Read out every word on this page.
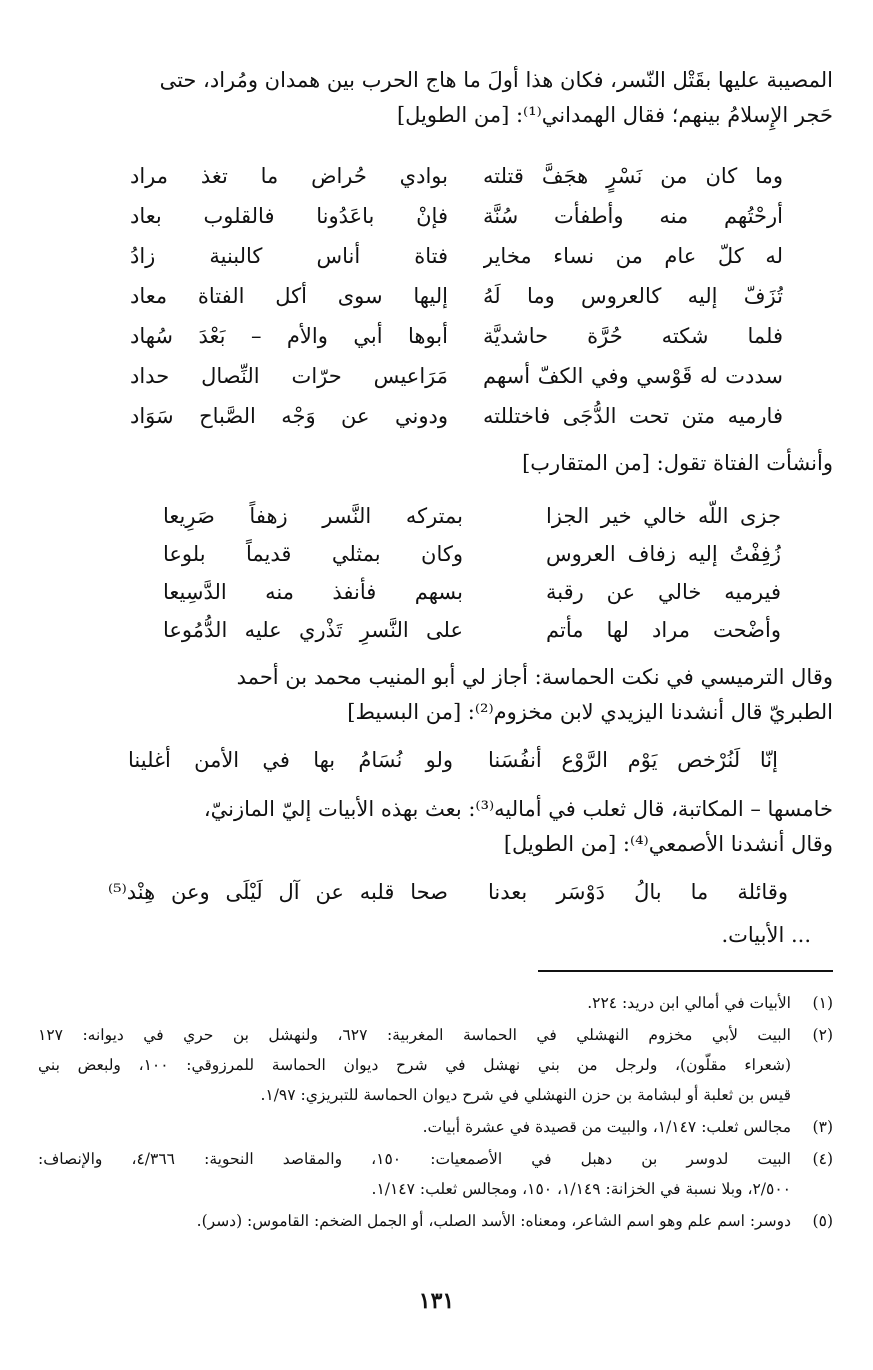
المصيبة عليها بقَتْل النّسر، فكان هذا أولَ ما هاج الحرب بين همدان ومُراد، حتى
حَجر الإِسلامُ بينهم؛ فقال الهمداني⁽¹⁾: [من الطويل]
وما كان من نَسْرٍ هجَفَّ قتلته
بوادي حُراض ما تغذ مراد
أرحْتُهم منه وأطفأت سُنَّة
فإنْ باعَدُونا فالقلوب بعاد
له كلّ عام من نساء مخاير
فتاة أناس كالبنية زادُ
تُزَفّ إليه كالعروس وما لَهُ
إليها سوى أكل الفتاة معاد
فلما شكته حُرَّة حاشديَّة
أبوها أبي والأم – بَعْدَ سُهاد
سددت له قَوْسي وفي الكفّ أسهم
مَرَاعيس حرّات النِّصال حداد
فارميه متن تحت الدُّجَى فاختللته
ودوني عن وَجْه الصَّباح سَوَاد
وأنشأت الفتاة تقول: [من المتقارب]
جزى اللّه خالي خير الجزا
بمتركه النَّسر زهفاً صَرِيعا
زُفِفْتُ إليه زفاف العروس
وكان بمثلي قديماً بلوعا
فيرميه خالي عن رقبة
بسهم فأنفذ منه الدَّسِيعا
وأضْحت مراد لها مأتم
على النَّسرِ تَذْري عليه الدُّمُوعا
وقال الترميسي في نكت الحماسة: أجاز لي أبو المنيب محمد بن أحمد
الطبريّ قال أنشدنا اليزيدي لابن مخزوم⁽²⁾: [من البسيط]
إنّا لَنُرْخص يَوْم الرَّوْع أنفُسَنا
ولو نُسَامُ بها في الأمن أغلينا
خامسها – المكاتبة، قال ثعلب في أماليه⁽³⁾: بعث بهذه الأبيات إليّ المازنيّ،
وقال أنشدنا الأصمعي⁽⁴⁾: [من الطويل]
وقائلة ما بالُ دَوْسَر بعدنا
صحا قلبه عن آل لَيْلَى وعن هِنْد⁽⁵⁾
... الأبيات.
(١)
الأبيات في أمالي ابن دريد: ٢٢٤.
(٢)
البيت لأبي مخزوم النهشلي في الحماسة المغربية: ٦٢٧، ولنهشل بن حري في ديوانه: ١٢٧
(شعراء مقلّون)، ولرجل من بني نهشل في شرح ديوان الحماسة للمرزوقي: ١٠٠، ولبعض بني
قيس بن ثعلبة أو لبشامة بن حزن النهشلي في شرح ديوان الحماسة للتبريزي: ١/٩٧.
(٣)
مجالس ثعلب: ١/١٤٧، والبيت من قصيدة في عشرة أبيات.
(٤)
البيت لدوسر بن دهبل في الأصمعيات: ١٥٠، والمقاصد النحوية: ٤/٣٦٦، والإنصاف:
٢/٥٠٠، وبلا نسبة في الخزانة: ١/١٤٩، ١٥٠، ومجالس ثعلب: ١/١٤٧.
(٥)
دوسر: اسم علم وهو اسم الشاعر، ومعناه: الأسد الصلب، أو الجمل الضخم: القاموس: (دسر).
١٣١
